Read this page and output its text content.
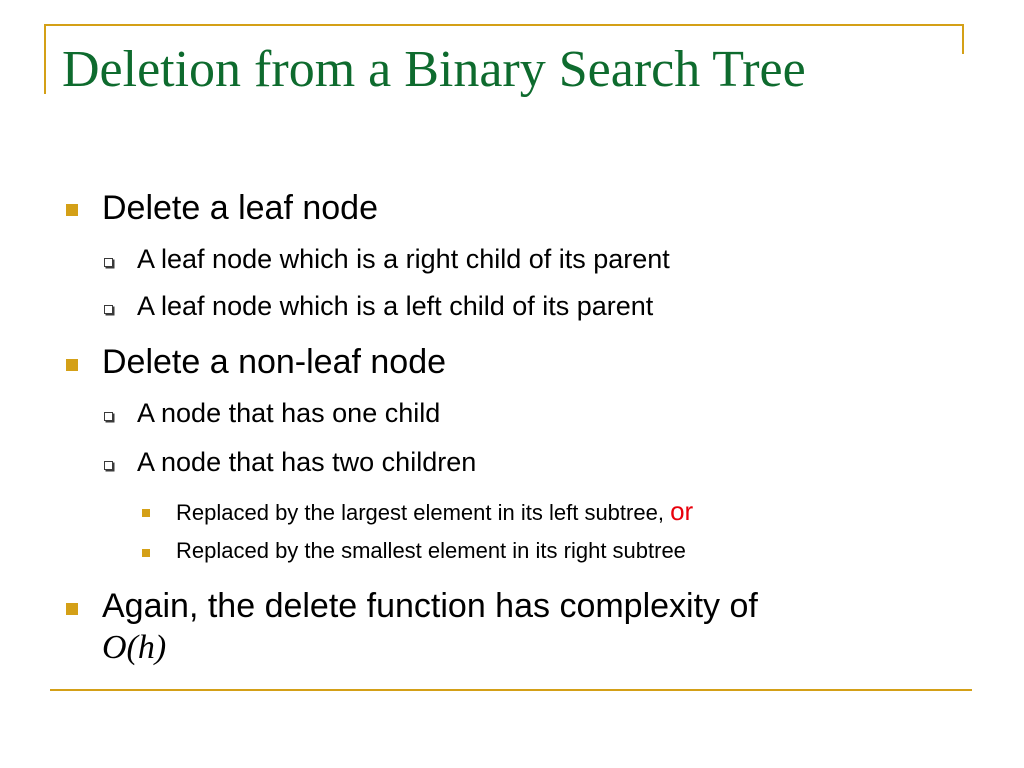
Deletion from a Binary Search Tree
Delete a leaf node
A leaf node which is a right child of its parent
A leaf node which is a left child of its parent
Delete a non-leaf node
A node that has one child
A node that has two children
Replaced by the largest element in its left subtree, or
Replaced by the smallest element in its right subtree
Again, the delete function has complexity of
O(h)
